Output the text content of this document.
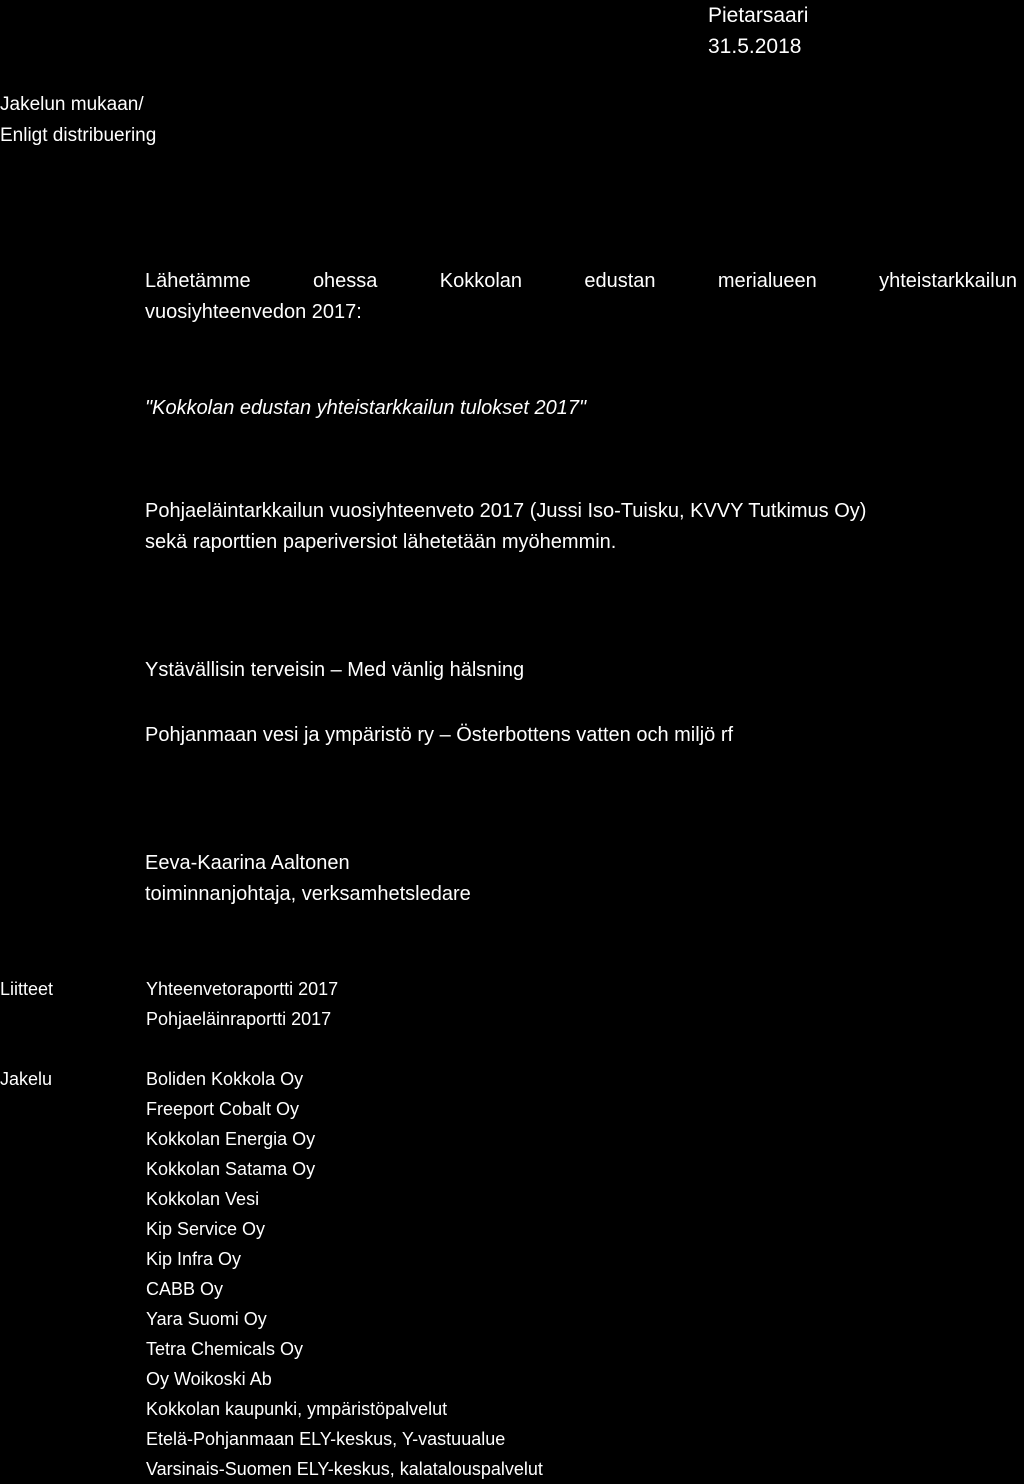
Pietarsaari
31.5.2018
Jakelun mukaan/
Enligt distribuering
Lähetämme	ohessa	Kokkolan	edustan	merialueen	yhteistarkkailun
vuosiyhteenvedon 2017:
"Kokkolan edustan yhteistarkkailun tulokset 2017"
Pohjaeläintarkkailun vuosiyhteenveto 2017 (Jussi Iso-Tuisku, KVVY Tutkimus Oy)
sekä raporttien paperiversiot lähetetään myöhemmin.
Ystävällisin terveisin – Med vänlig hälsning
Pohjanmaan vesi ja ympäristö ry – Österbottens vatten och miljö rf
Eeva-Kaarina Aaltonen
toiminnanjohtaja, verksamhetsledare
Liitteet	Yhteenvetoraportti 2017
Pohjaeläinraportti 2017
Jakelu	Boliden Kokkola Oy
Freeport Cobalt Oy
Kokkolan Energia Oy
Kokkolan Satama Oy
Kokkolan Vesi
Kip Service Oy
Kip Infra Oy
CABB Oy
Yara Suomi Oy
Tetra Chemicals Oy
Oy Woikoski Ab
Kokkolan kaupunki, ympäristöpalvelut
Etelä-Pohjanmaan ELY-keskus, Y-vastuualue
Varsinais-Suomen ELY-keskus, kalatalouspalvelut
